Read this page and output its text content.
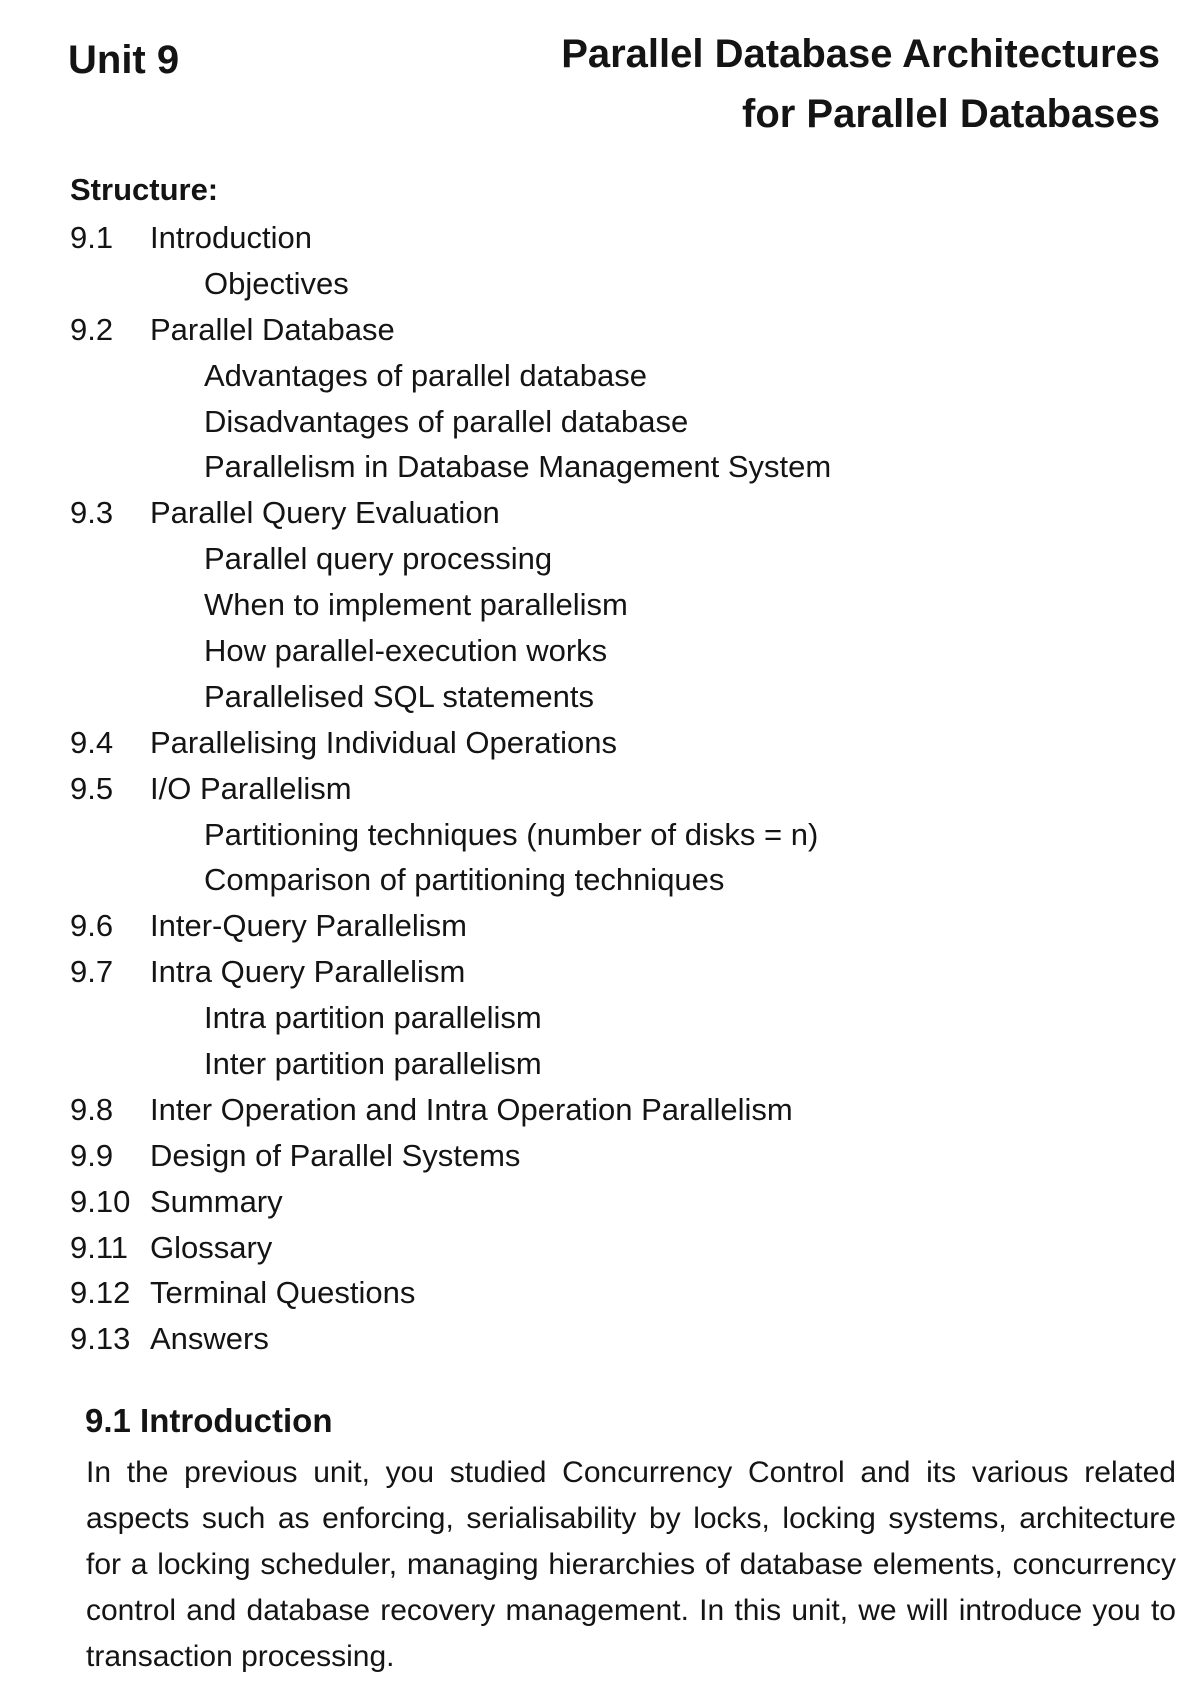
Unit 9	Parallel Database Architectures
for Parallel Databases
Structure:
9.1 Introduction
Objectives
9.2 Parallel Database
Advantages of parallel database
Disadvantages of parallel database
Parallelism in Database Management System
9.3 Parallel Query Evaluation
Parallel query processing
When to implement parallelism
How parallel-execution works
Parallelised SQL statements
9.4 Parallelising Individual Operations
9.5 I/O Parallelism
Partitioning techniques (number of disks = n)
Comparison of partitioning techniques
9.6 Inter-Query Parallelism
9.7 Intra Query Parallelism
Intra partition parallelism
Inter partition parallelism
9.8 Inter Operation and Intra Operation Parallelism
9.9 Design of Parallel Systems
9.10 Summary
9.11 Glossary
9.12 Terminal Questions
9.13 Answers
9.1 Introduction
In the previous unit, you studied Concurrency Control and its various related aspects such as enforcing, serialisability by locks, locking systems, architecture for a locking scheduler, managing hierarchies of database elements, concurrency control and database recovery management. In this unit, we will introduce you to transaction processing.
